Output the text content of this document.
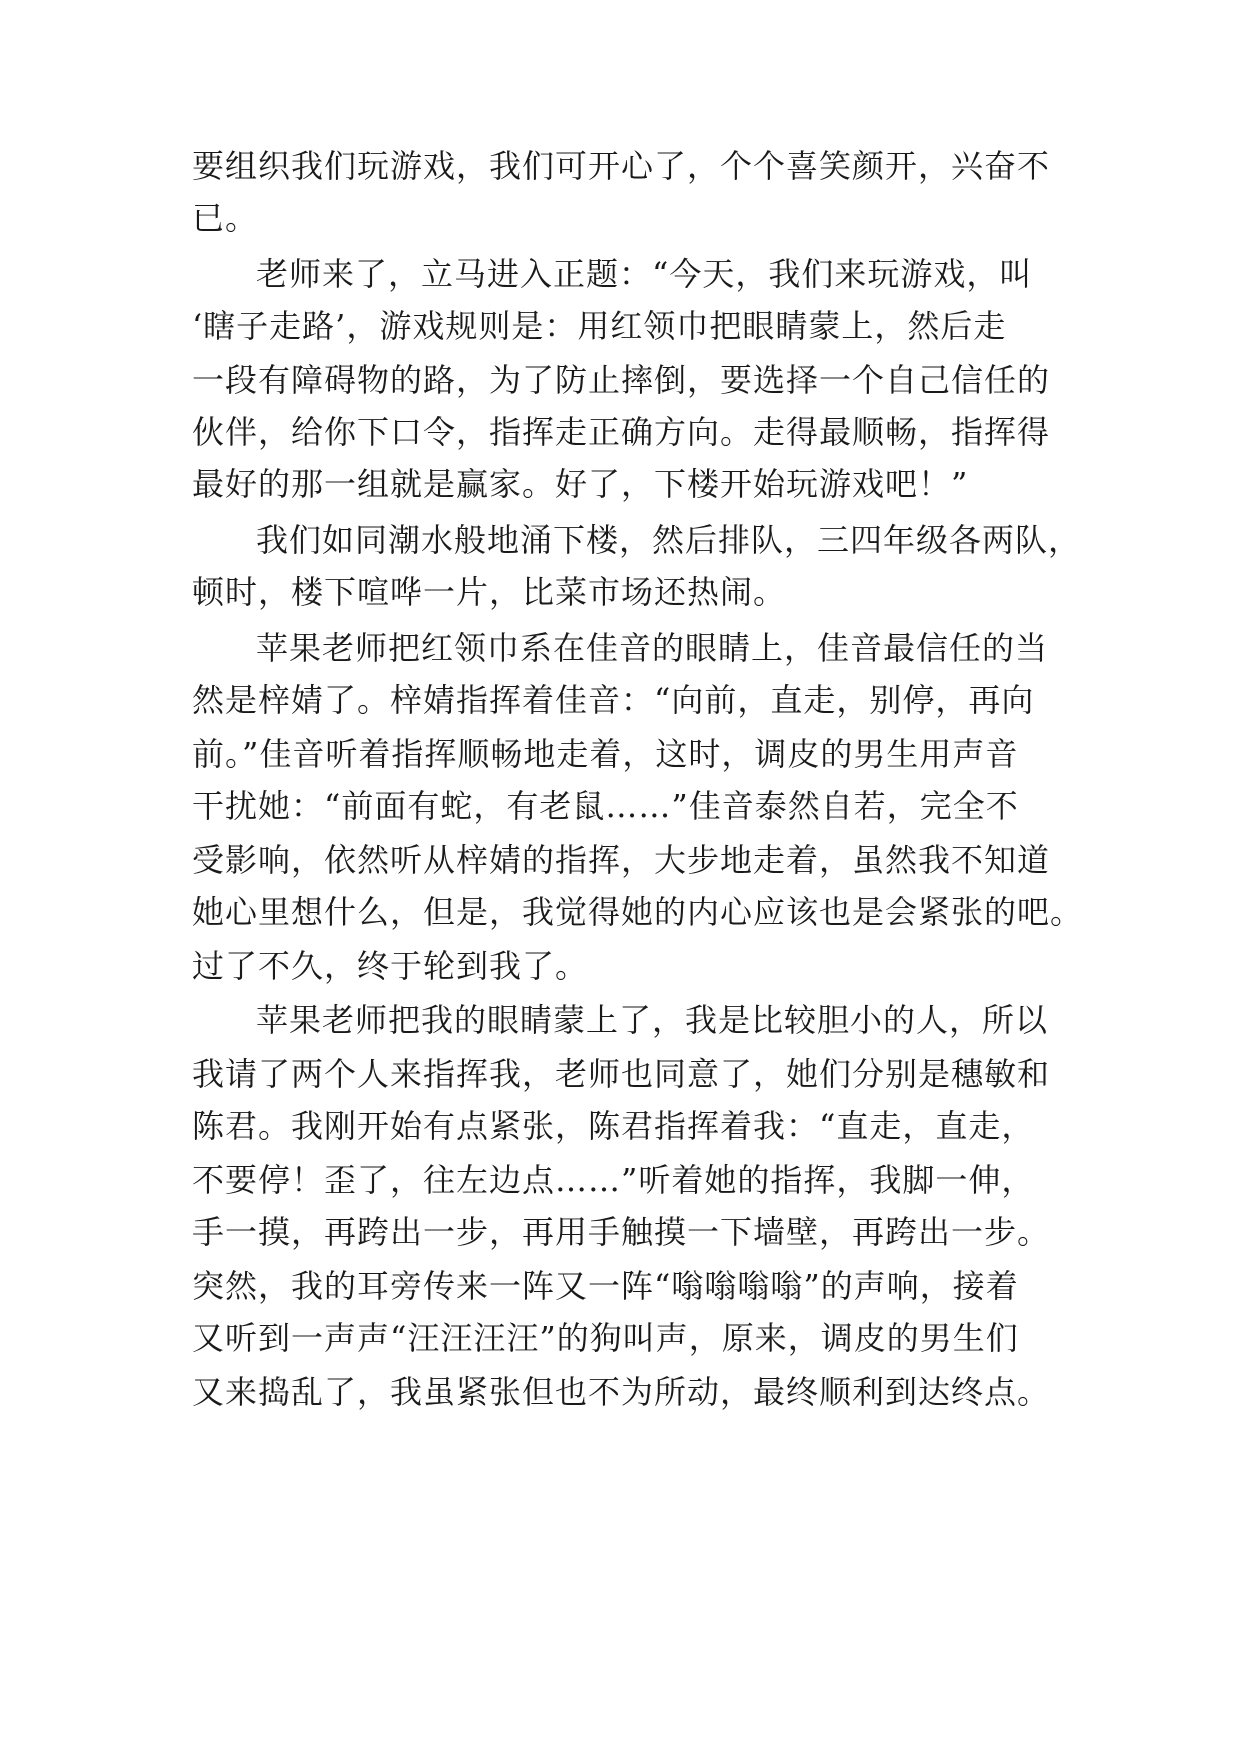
要组织我们玩游戏，我们可开心了，个个喜笑颜开，兴奋不

已。

老师来了，立马进入正题：“今天，我们来玩游戏，叫

‘瞎子走路’，游戏规则是：用红领巾把眼睛蒙上，然后走

一段有障碍物的路，为了防止摔倒，要选择一个自己信任的

伙伴，给你下口令，指挥走正确方向。走得最顺畅，指挥得

最好的那一组就是赢家。好了，下楼开始玩游戏吧！”

我们如同潮水般地涌下楼，然后排队，三四年级各两队，

顿时，楼下喧哗一片，比菜市场还热闹。

苹果老师把红领巾系在佳音的眼睛上，佳音最信任的当

然是梓婧了。梓婧指挥着佳音：“向前，直走，别停，再向

前。”佳音听着指挥顺畅地走着，这时，调皮的男生用声音

干扰她：“前面有蛇，有老鼠……”佳音泰然自若，完全不

受影响，依然听从梓婧的指挥，大步地走着，虽然我不知道

她心里想什么，但是，我觉得她的内心应该也是会紧张的吧。

过了不久，终于轮到我了。

苹果老师把我的眼睛蒙上了，我是比较胆小的人，所以

我请了两个人来指挥我，老师也同意了，她们分别是穗敏和

陈君。我刚开始有点紧张，陈君指挥着我：“直走，直走，

不要停！歪了，往左边点……”听着她的指挥，我脚一伸，

手一摸，再跨出一步，再用手触摸一下墙壁，再跨出一步。

突然，我的耳旁传来一阵又一阵“嗡嗡嗡嗡”的声响，接着

又听到一声声“汪汪汪汪”的狗叫声，原来，调皮的男生们

又来捣乱了，我虽紧张但也不为所动，最终顺利到达终点。
